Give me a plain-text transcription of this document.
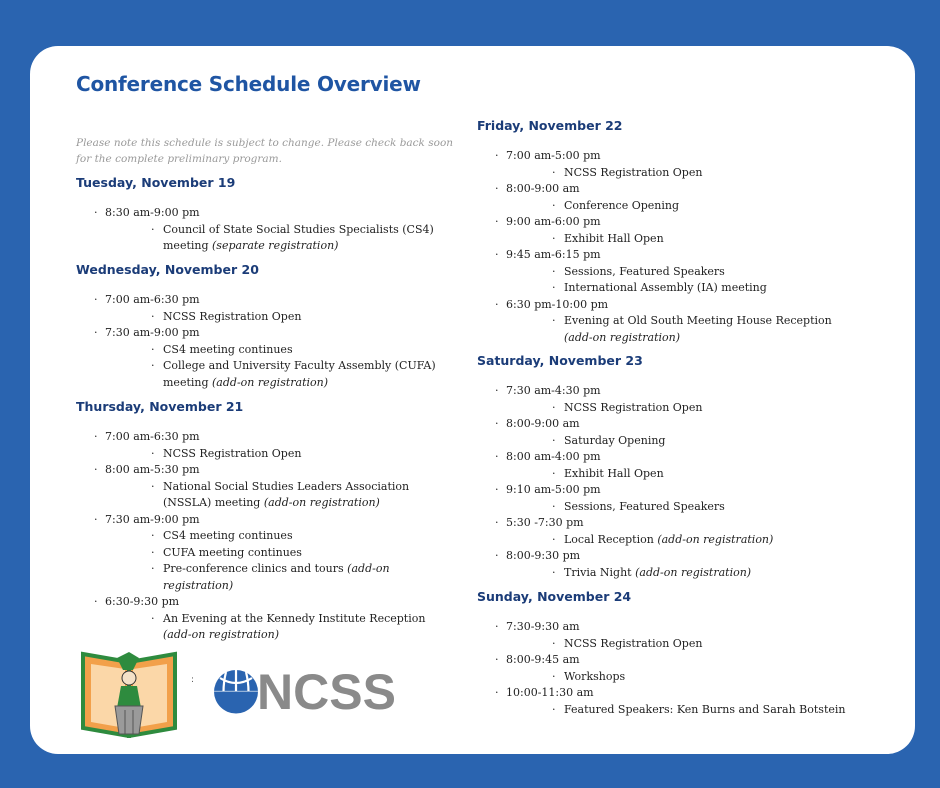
Conference Schedule Overview
Please note this schedule is subject to change. Please check back soon for the complete preliminary program.
Tuesday, November 19
. 8:30 am-9:00 pm
. Council of State Social Studies Specialists (CS4) meeting (separate registration)
Wednesday, November 20
. 7:00 am-6:30 pm
. NCSS Registration Open
. 7:30 am-9:00 pm
. CS4 meeting continues
. College and University Faculty Assembly (CUFA) meeting (add-on registration)
Thursday, November 21
. 7:00 am-6:30 pm
. NCSS Registration Open
. 8:00 am-5:30 pm
. National Social Studies Leaders Association (NSSLA) meeting (add-on registration)
. 7:30 am-9:00 pm
. CS4 meeting continues
. CUFA meeting continues
. Pre-conference clinics and tours (add-on registration)
. 6:30-9:30 pm
. An Evening at the Kennedy Institute Reception (add-on registration)
Friday, November 22
. 7:00 am-5:00 pm
. NCSS Registration Open
. 8:00-9:00 am
. Conference Opening
. 9:00 am-6:00 pm
. Exhibit Hall Open
. 9:45 am-6:15 pm
. Sessions, Featured Speakers
. International Assembly (IA) meeting
. 6:30 pm-10:00 pm
. Evening at Old South Meeting House Reception (add-on registration)
Saturday, November 23
. 7:30 am-4:30 pm
. NCSS Registration Open
. 8:00-9:00 am
. Saturday Opening
. 8:00 am-4:00 pm
. Exhibit Hall Open
. 9:10 am-5:00 pm
. Sessions, Featured Speakers
. 5:30 -7:30 pm
. Local Reception (add-on registration)
. 8:00-9:30 pm
. Trivia Night (add-on registration)
Sunday, November 24
. 7:30-9:30 am
. NCSS Registration Open
. 8:00-9:45 am
. Workshops
. 10:00-11:30 am
. Featured Speakers: Ken Burns and Sarah Botstein
: NCSS
